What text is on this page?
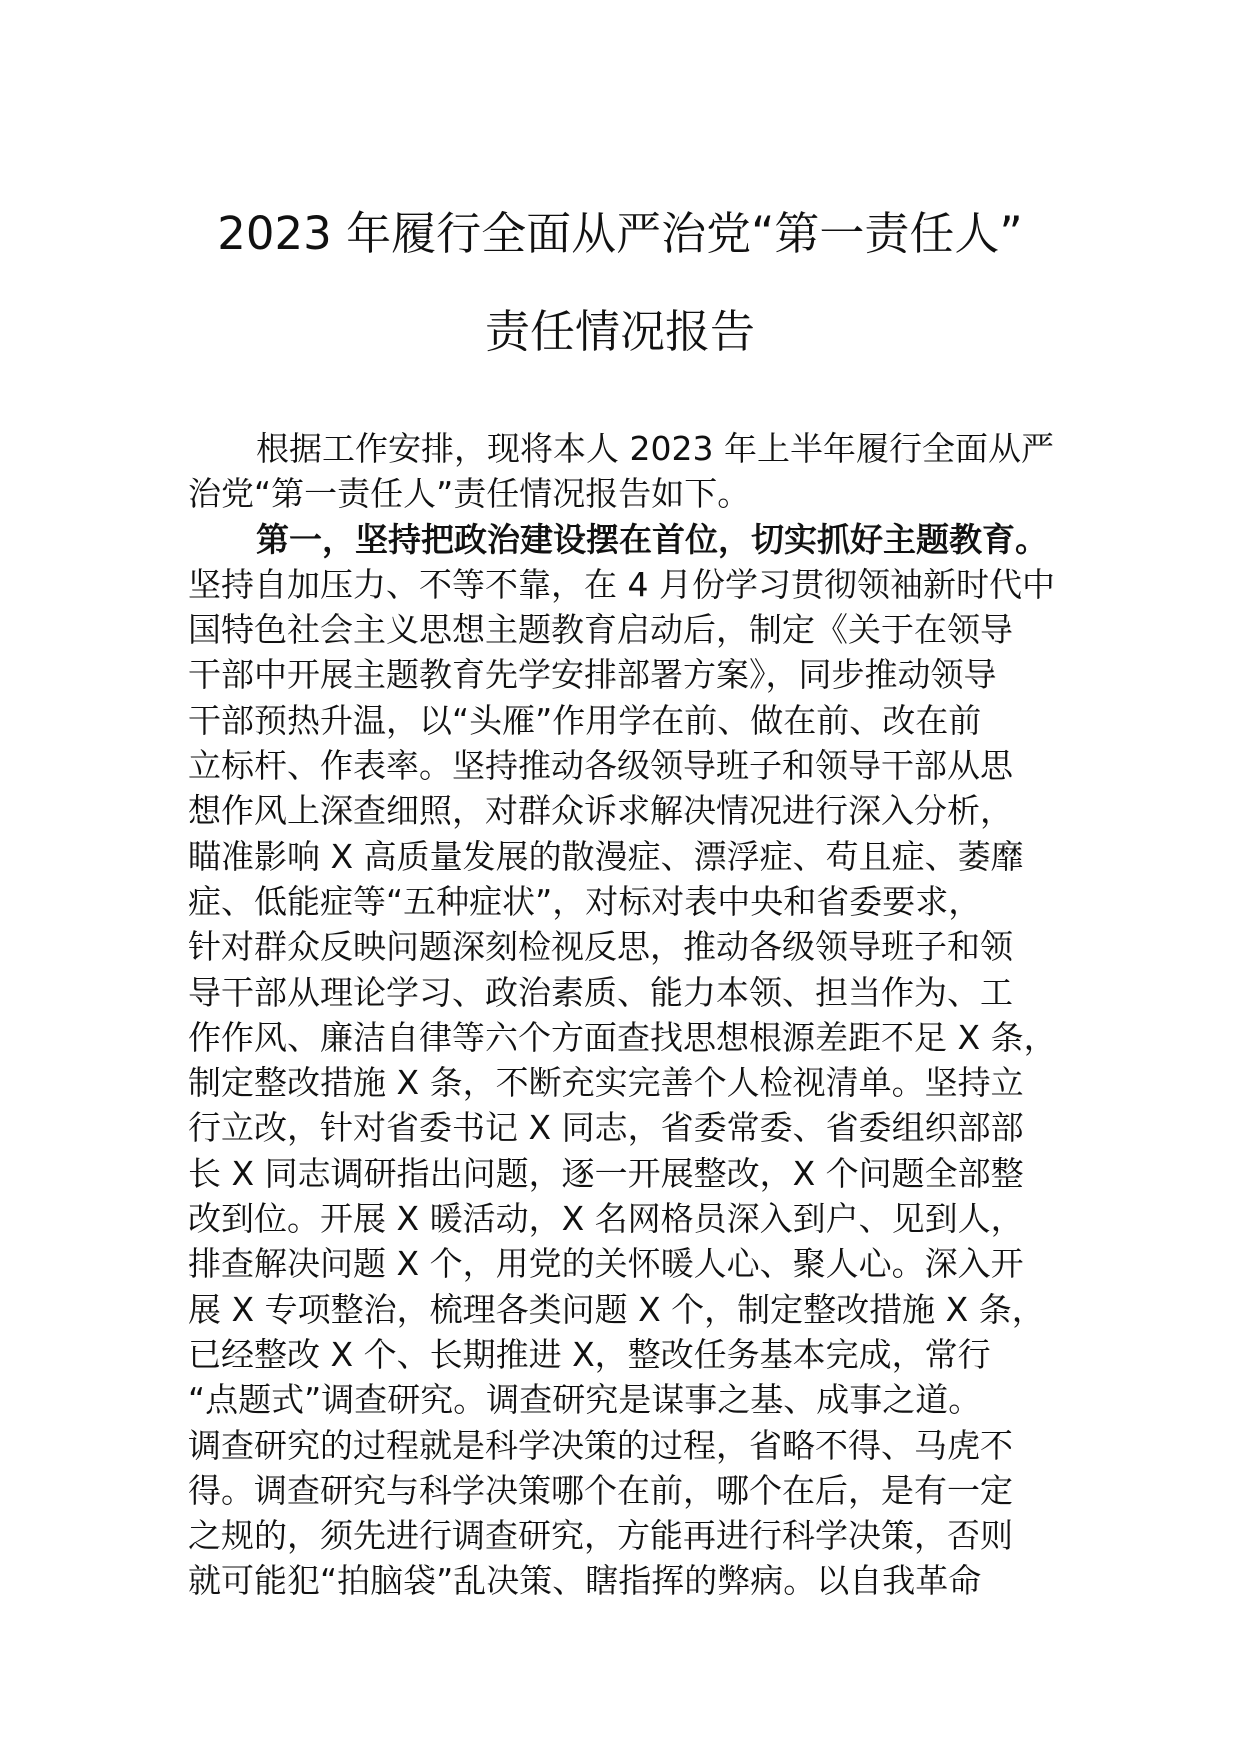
2023 年履行全面从严治党“第一责任人”
责任情况报告
根据工作安排，现将本人 2023 年上半年履行全面从严
治党“第一责任人”责任情况报告如下。
第一，坚持把政治建设摆在首位，切实抓好主题教育。
坚持自加压力、不等不靠，在 4 月份学习贯彻领袖新时代中
国特色社会主义思想主题教育启动后，制定《关于在领导
干部中开展主题教育先学安排部署方案》，同步推动领导
干部预热升温，以“头雁”作用学在前、做在前、改在前
立标杆、作表率。坚持推动各级领导班子和领导干部从思
想作风上深查细照，对群众诉求解决情况进行深入分析，
瞄准影响 X 高质量发展的散漫症、漂浮症、苟且症、萎靡
症、低能症等“五种症状”，对标对表中央和省委要求，
针对群众反映问题深刻检视反思，推动各级领导班子和领
导干部从理论学习、政治素质、能力本领、担当作为、工
作作风、廉洁自律等六个方面查找思想根源差距不足 X 条，
制定整改措施 X 条，不断充实完善个人检视清单。坚持立
行立改，针对省委书记 X 同志，省委常委、省委组织部部
长 X 同志调研指出问题，逐一开展整改，X 个问题全部整
改到位。开展 X 暖活动，X 名网格员深入到户、见到人，
排查解决问题 X 个，用党的关怀暖人心、聚人心。深入开
展 X 专项整治，梳理各类问题 X 个，制定整改措施 X 条，
已经整改 X 个、长期推进 X，整改任务基本完成，常行
“点题式”调查研究。调查研究是谋事之基、成事之道。
调查研究的过程就是科学决策的过程，省略不得、马虎不
得。调查研究与科学决策哪个在前，哪个在后，是有一定
之规的，须先进行调查研究，方能再进行科学决策，否则
就可能犯“拍脑袋”乱决策、瞎指挥的弊病。以自我革命
